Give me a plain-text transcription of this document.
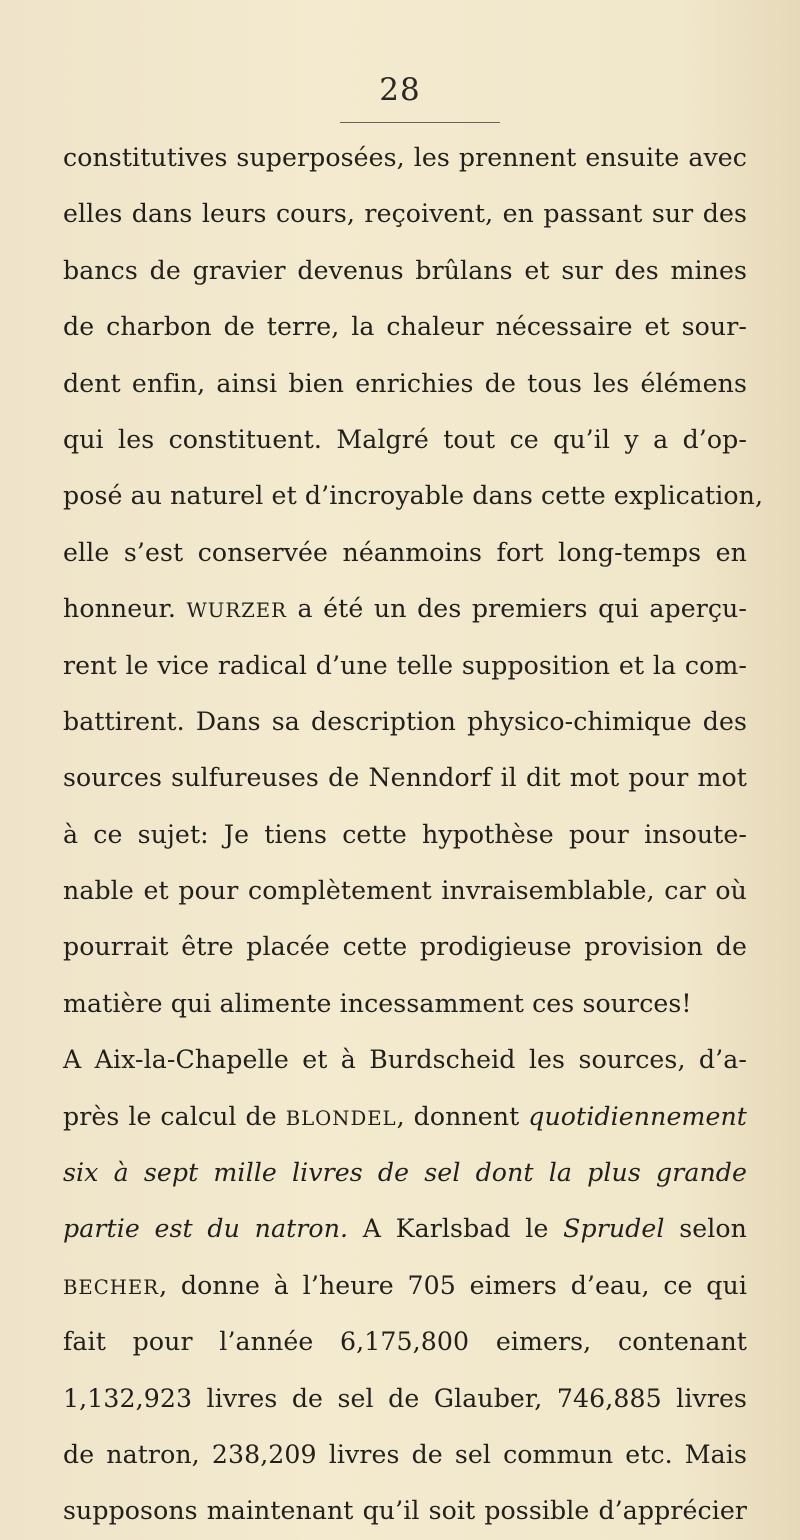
28
constitutives superposées, les prennent ensuite avec
elles dans leurs cours, reçoivent, en passant sur des
bancs de gravier devenus brûlans et sur des mines
de charbon de terre, la chaleur nécessaire et sour-
dent enfin, ainsi bien enrichies de tous les élémens
qui les constituent. Malgré tout ce qu’il y a d’op-
posé au naturel et d’incroyable dans cette explication,
elle s’est conservée néanmoins fort long-temps en
honneur. WURZER a été un des premiers qui aperçu-
rent le vice radical d’une telle supposition et la com-
battirent. Dans sa description physico-chimique des
sources sulfureuses de Nenndorf il dit mot pour mot
à ce sujet: Je tiens cette hypothèse pour insoute-
nable et pour complètement invraisemblable, car où
pourrait être placée cette prodigieuse provision de
matière qui alimente incessamment ces sources!
A Aix-la-Chapelle et à Burdscheid les sources, d’a-
près le calcul de BLONDEL, donnent quotidiennement
six à sept mille livres de sel dont la plus grande
partie est du natron. A Karlsbad le Sprudel selon
BECHER, donne à l’heure 705 eimers d’eau, ce qui
fait pour l’année 6,175,800 eimers, contenant
1,132,923 livres de sel de Glauber, 746,885 livres
de natron, 238,209 livres de sel commun etc. Mais
supposons maintenant qu’il soit possible d’apprécier
